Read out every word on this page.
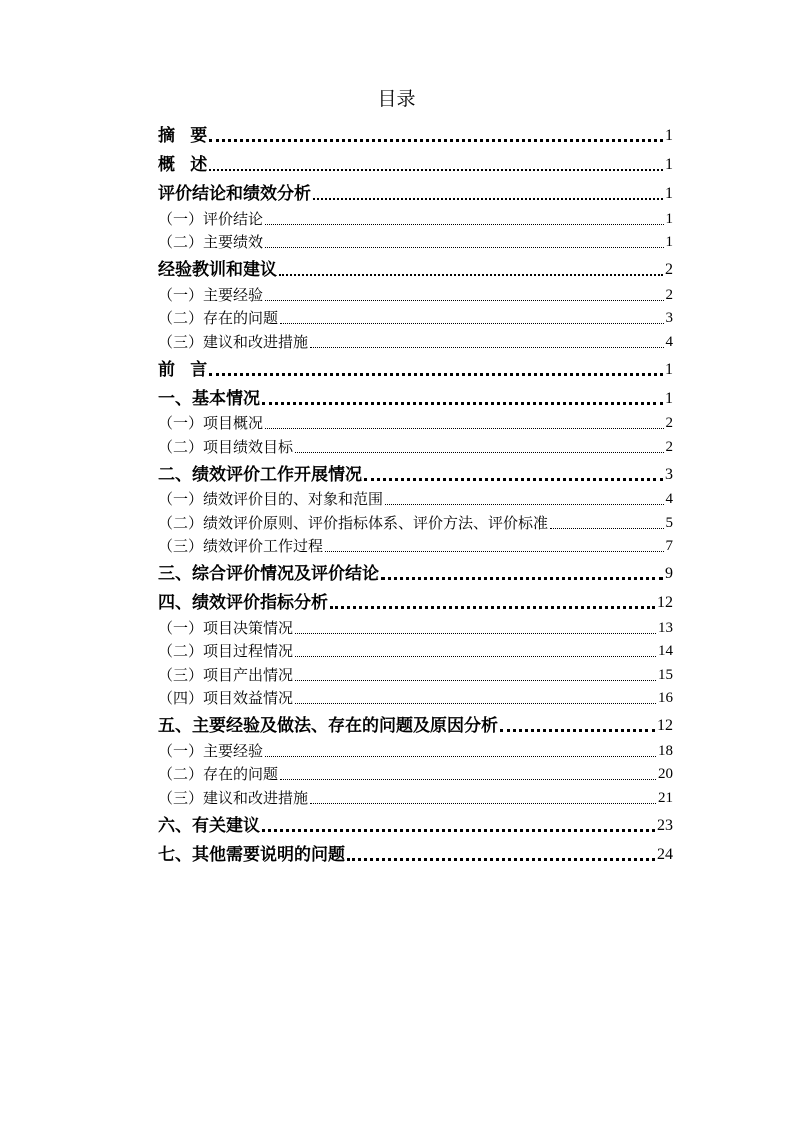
目录
摘要	1
概述	1
评价结论和绩效分析	1
（一）评价结论	1
（二）主要绩效	1
经验教训和建议	2
（一）主要经验	2
（二）存在的问题	3
（三）建议和改进措施	4
前言	1
一、基本情况	1
（一）项目概况	2
（二）项目绩效目标	2
二、绩效评价工作开展情况	3
（一）绩效评价目的、对象和范围	4
（二）绩效评价原则、评价指标体系、评价方法、评价标准	5
（三）绩效评价工作过程	7
三、综合评价情况及评价结论	9
四、绩效评价指标分析	12
（一）项目决策情况	13
（二）项目过程情况	14
（三）项目产出情况	15
（四）项目效益情况	16
五、主要经验及做法、存在的问题及原因分析	12
（一）主要经验	18
（二）存在的问题	20
（三）建议和改进措施	21
六、有关建议	23
七、其他需要说明的问题	24
